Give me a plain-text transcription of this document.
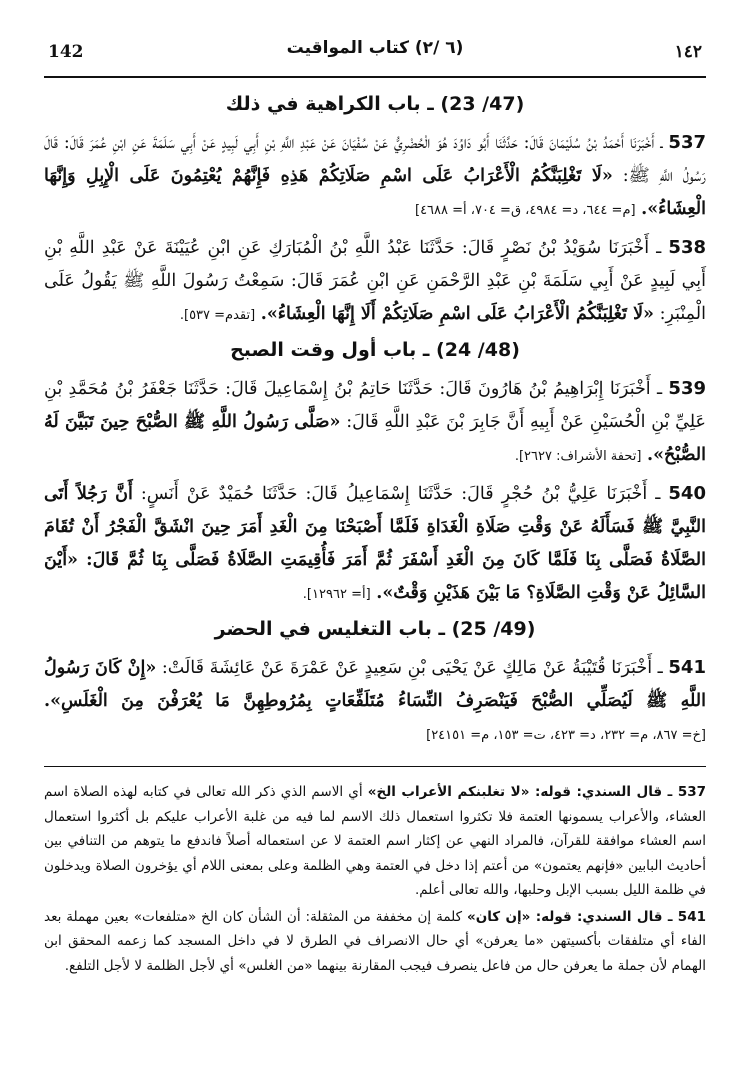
142	(٦ /٢) كتاب المواقيت	١٤٢
(47/ 23) ـ باب الكراهية في ذلك

537 ـ أَخْبَرَنَا أَحْمَدُ بْنُ سُلَيْمَانَ قَالَ: حَدَّثَنَا أَبُو دَاوُدَ هُوَ الْحُضْرِيُّ عَنْ سُفْيَانَ عَنْ عَبْدِ اللَّهِ بْنِ أَبِي لَبِيدٍ عَنْ أَبِي سَلَمَةَ عَنِ ابْنِ عُمَرَ قَالَ: قَالَ رَسُولُ اللَّهِ ﷺ: «لَا تَغْلِبَنَّكُمُ الْأَعْرَابُ عَلَى اسْمِ صَلَاتِكُمْ هَذِهِ فَإِنَّهُمْ يُعْتِمُونَ عَلَى الْإِبِلِ وَإِنَّهَا الْعِشَاءُ». [م= ٦٤٤، د= ٤٩٨٤، ق= ٧٠٤، أ= ٤٦٨٨]

538 ـ أَخْبَرَنَا سُوَيْدُ بْنُ نَصْرٍ قَالَ: حَدَّثَنَا عَبْدُ اللَّهِ بْنُ الْمُبَارَكِ عَنِ ابْنِ عُيَيْنَةَ عَنْ عَبْدِ اللَّهِ بْنِ أَبِي لَبِيدٍ عَنْ أَبِي سَلَمَةَ بْنِ عَبْدِ الرَّحْمَنِ عَنِ ابْنِ عُمَرَ قَالَ: سَمِعْتُ رَسُولَ اللَّهِ ﷺ يَقُولُ عَلَى الْمِنْبَرِ: «لَا تَغْلِبَنَّكُمُ الْأَعْرَابُ عَلَى اسْمِ صَلَاتِكُمْ أَلَا إِنَّهَا الْعِشَاءُ». [تقدم= ٥٣٧].

(48/ 24) ـ باب أول وقت الصبح

539 ـ أَخْبَرَنَا إِبْرَاهِيمُ بْنُ هَارُونَ قَالَ: حَدَّثَنَا حَاتِمُ بْنُ إِسْمَاعِيلَ قَالَ: حَدَّثَنَا جَعْفَرُ بْنُ مُحَمَّدِ بْنِ عَلِيِّ بْنِ الْحُسَيْنِ عَنْ أَبِيهِ أَنَّ جَابِرَ بْنَ عَبْدِ اللَّهِ قَالَ: «صَلَّى رَسُولُ اللَّهِ ﷺ الصُّبْحَ حِينَ تَبَيَّنَ لَهُ الصُّبْحُ». [تحفة الأشراف: ٢٦٢٧].

540 ـ أَخْبَرَنَا عَلِيُّ بْنُ حُجْرٍ قَالَ: حَدَّثَنَا إِسْمَاعِيلُ قَالَ: حَدَّثَنَا حُمَيْدٌ عَنْ أَنَسٍ: أَنَّ رَجُلاً أَتَى النَّبِيَّ ﷺ فَسَأَلَهُ عَنْ وَقْتِ صَلَاةِ الْغَدَاةِ فَلَمَّا أَصْبَحْنَا مِنَ الْغَدِ أَمَرَ حِينَ انْشَقَّ الْفَجْرُ أَنْ تُقَامَ الصَّلَاةُ فَصَلَّى بِنَا فَلَمَّا كَانَ مِنَ الْغَدِ أَسْفَرَ ثُمَّ أَمَرَ فَأُقِيمَتِ الصَّلَاةُ فَصَلَّى بِنَا ثُمَّ قَالَ: «أَيْنَ السَّائِلُ عَنْ وَقْتِ الصَّلَاةِ؟ مَا بَيْنَ هَذَيْنِ وَقْتٌ». [أ= ١٢٩٦٢].

(49/ 25) ـ باب التغليس في الحضر

541 ـ أَخْبَرَنَا قُتَيْبَةُ عَنْ مَالِكٍ عَنْ يَحْيَى بْنِ سَعِيدٍ عَنْ عَمْرَةَ عَنْ عَائِشَةَ قَالَتْ: «إِنْ كَانَ رَسُولُ اللَّهِ ﷺ لَيُصَلِّي الصُّبْحَ فَيَنْصَرِفُ النِّسَاءُ مُتَلَفِّعَاتٍ بِمُرُوطِهِنَّ مَا يُعْرَفْنَ مِنَ الْغَلَسِ». [خ= ٨٦٧، م= ٢٣٢، د= ٤٢٣، ت= ١٥٣، م= ٢٤١٥١]

537 ـ قال السندي: قوله: «لا تغلبنكم الأعراب الخ» أي الاسم الذي ذكر الله تعالى في كتابه لهذه الصلاة اسم العشاء، والأعراب يسمونها العتمة فلا تكثروا استعمال ذلك الاسم لما فيه من غلبة الأعراب عليكم بل أكثروا استعمال اسم العشاء موافقة للقرآن، فالمراد النهي عن إكثار اسم العتمة لا عن استعماله أصلاً فاندفع ما يتوهم من التنافي بين أحاديث البابين «فإنهم يعتمون» من أعتم إذا دخل في العتمة وهي الظلمة وعلى بمعنى اللام أي يؤخرون الصلاة ويدخلون في ظلمة الليل بسبب الإبل وحلبها، والله تعالى أعلم.

541 ـ قال السندي: قوله: «إن كان» كلمة إن مخففة من المثقلة: أن الشأن كان الخ «متلفعات» بعين مهملة بعد الفاء أي متلفقات بأكسيتهن «ما يعرفن» أي حال الانصراف في الطرق لا في داخل المسجد كما زعمه المحقق ابن الهمام لأن جملة ما يعرفن حال من فاعل ينصرف فيجب المقارنة بينهما «من الغلس» أي لأجل الظلمة لا لأجل التلفع.
